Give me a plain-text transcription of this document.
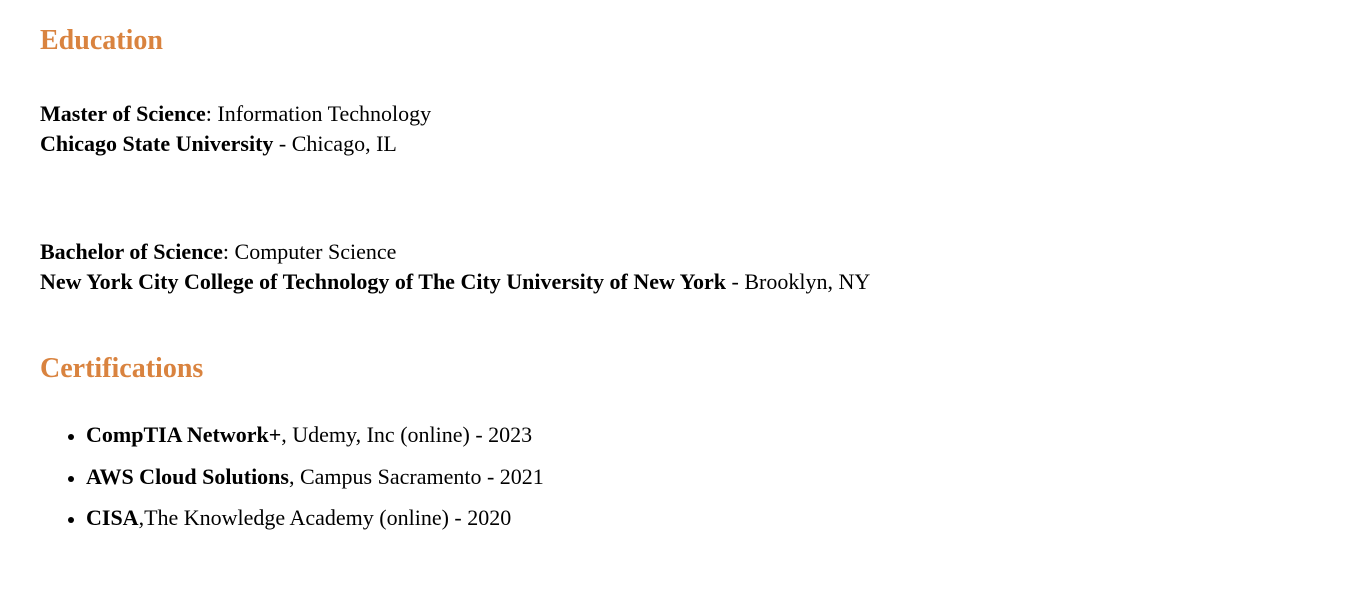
Education
Master of Science: Information Technology
Chicago State University - Chicago, IL
Bachelor of Science: Computer Science
New York City College of Technology of The City University of New York - Brooklyn, NY
Certifications
• CompTIA Network+, Udemy, Inc (online) - 2023
• AWS Cloud Solutions, Campus Sacramento - 2021
• CISA,The Knowledge Academy (online) - 2020
